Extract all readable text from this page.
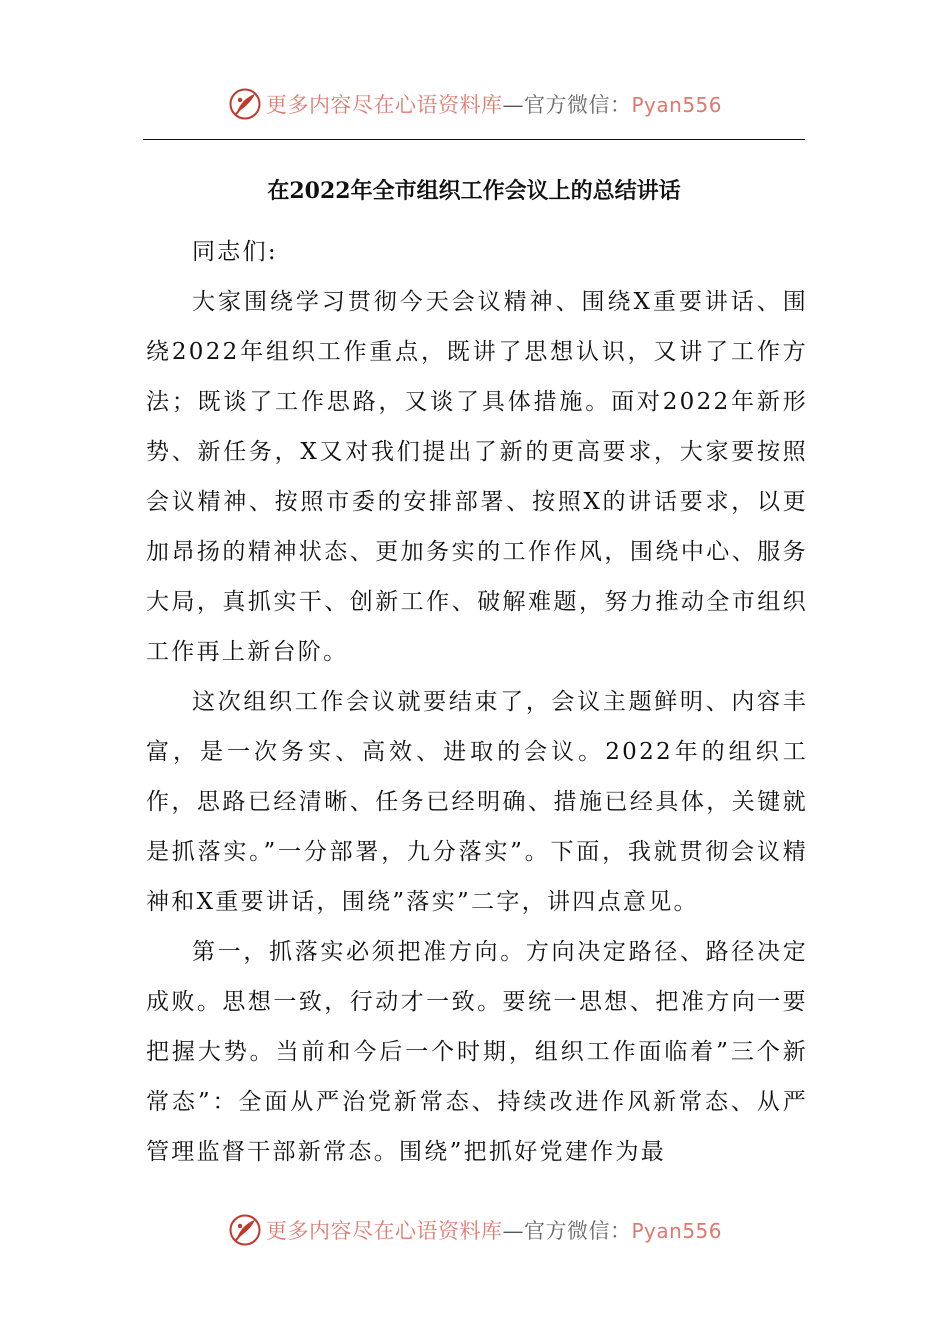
更多内容尽在心语资料库—官方微信：Pyan556
在2022年全市组织工作会议上的总结讲话

同志们:

大家围绕学习贯彻今天会议精神、围绕X重要讲话、围绕2022年组织工作重点，既讲了思想认识，又讲了工作方法；既谈了工作思路，又谈了具体措施。面对2022年新形势、新任务，X又对我们提出了新的更高要求，大家要按照会议精神、按照市委的安排部署、按照X的讲话要求，以更加昂扬的精神状态、更加务实的工作作风，围绕中心、服务大局，真抓实干、创新工作、破解难题，努力推动全市组织工作再上新台阶。

这次组织工作会议就要结束了，会议主题鲜明、内容丰富，是一次务实、高效、进取的会议。2022年的组织工作，思路已经清晰、任务已经明确、措施已经具体，关键就是抓落实。”一分部署，九分落实”。下面，我就贯彻会议精神和X重要讲话，围绕”落实”二字，讲四点意见。

第一，抓落实必须把准方向。方向决定路径、路径决定成败。思想一致，行动才一致。要统一思想、把准方向一要把握大势。当前和今后一个时期，组织工作面临着”三个新常态”：全面从严治党新常态、持续改进作风新常态、从严管理监督干部新常态。围绕”把抓好党建作为最

更多内容尽在心语资料库—官方微信：Pyan556
